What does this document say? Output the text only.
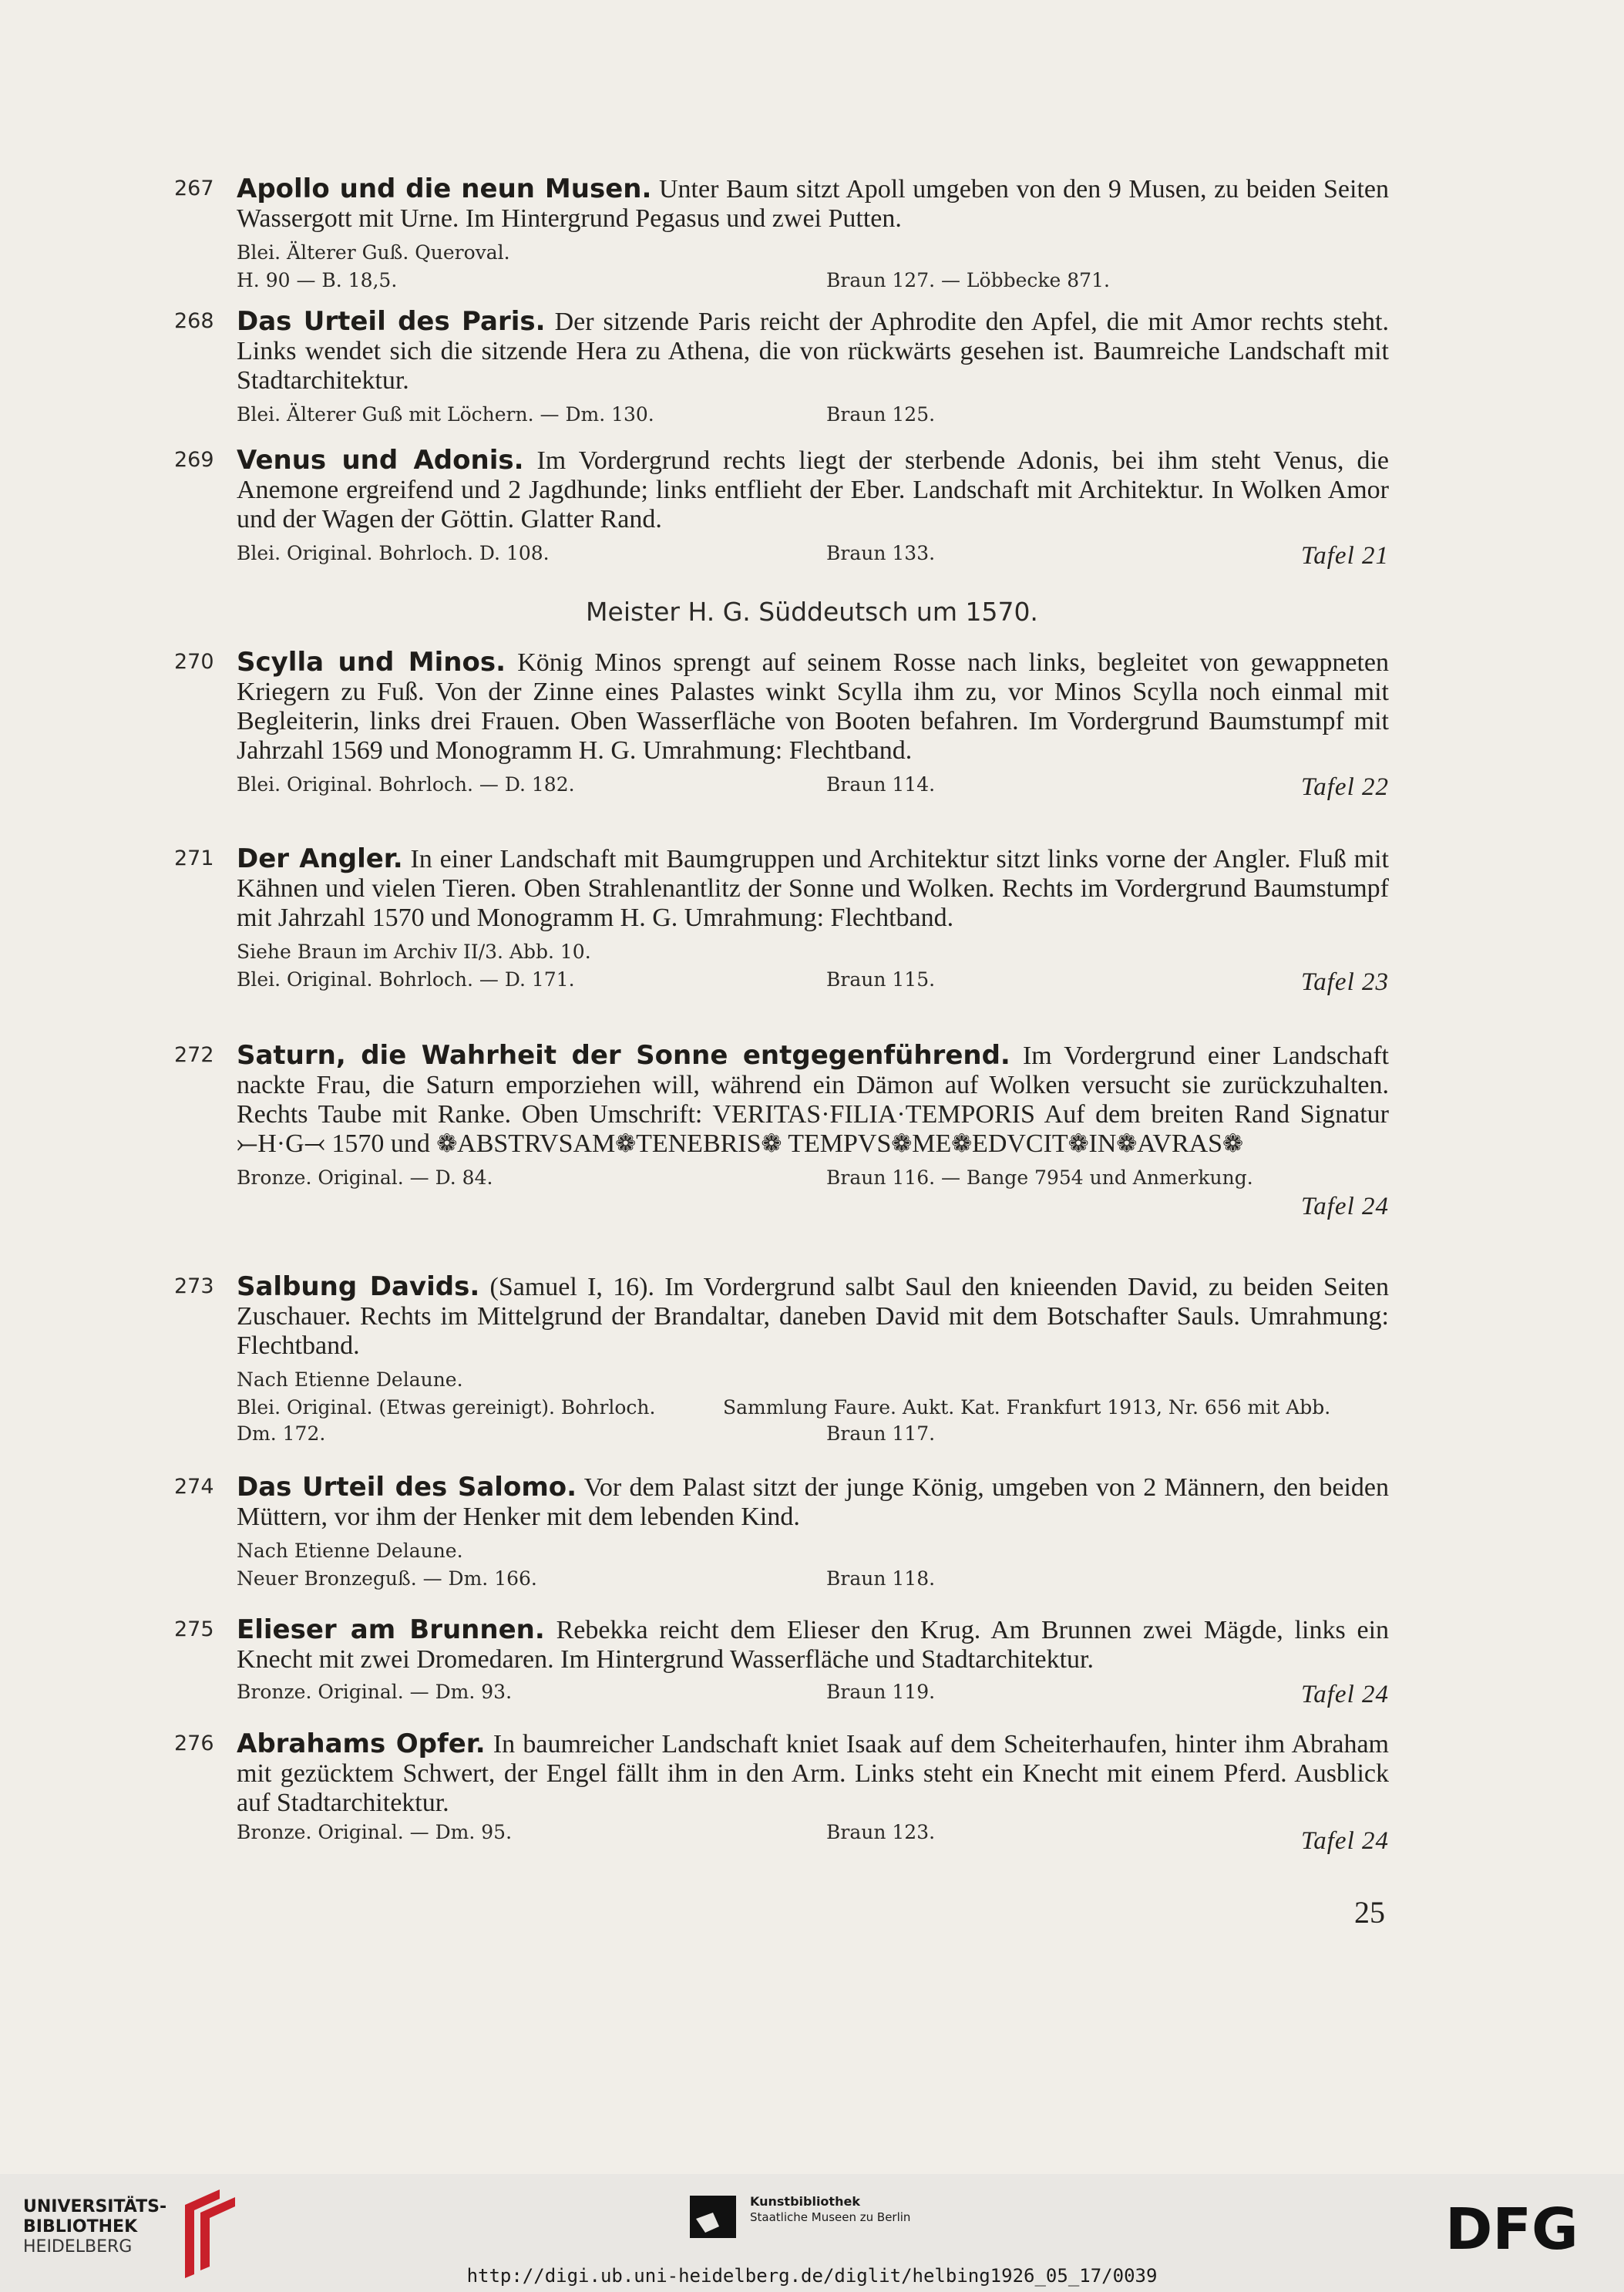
267 Apollo und die neun Musen. Unter Baum sitzt Apoll umgeben von den 9 Musen, zu beiden Seiten Wassergott mit Urne. Im Hintergrund Pegasus und zwei Putten.
Blei. Älterer Guß. Queroval.
H. 90 — B. 18,5.	Braun 127. — Löbbecke 871.
268 Das Urteil des Paris. Der sitzende Paris reicht der Aphrodite den Apfel, die mit Amor rechts steht. Links wendet sich die sitzende Hera zu Athena, die von rückwärts gesehen ist. Baumreiche Landschaft mit Stadtarchitektur.
Blei. Älterer Guß mit Löchern. — Dm. 130.	Braun 125.
269 Venus und Adonis. Im Vordergrund rechts liegt der sterbende Adonis, bei ihm steht Venus, die Anemone ergreifend und 2 Jagdhunde; links entflieht der Eber. Landschaft mit Architektur. In Wolken Amor und der Wagen der Göttin. Glatter Rand.
Blei. Original. Bohrloch. D. 108.	Braun 133.	Tafel 21
Meister H. G. Süddeutsch um 1570.
270 Scylla und Minos. König Minos sprengt auf seinem Rosse nach links, begleitet von gewappneten Kriegern zu Fuß. Von der Zinne eines Palastes winkt Scylla ihm zu, vor Minos Scylla noch einmal mit Begleiterin, links drei Frauen. Oben Wasserfläche von Booten befahren. Im Vordergrund Baumstumpf mit Jahrzahl 1569 und Monogramm H. G. Umrahmung: Flechtband.
Blei. Original. Bohrloch. — D. 182.	Braun 114.	Tafel 22
271 Der Angler. In einer Landschaft mit Baumgruppen und Architektur sitzt links vorne der Angler. Fluß mit Kähnen und vielen Tieren. Oben Strahlenantlitz der Sonne und Wolken. Rechts im Vordergrund Baumstumpf mit Jahrzahl 1570 und Monogramm H. G. Umrahmung: Flechtband.
Siehe Braun im Archiv II/3. Abb. 10.
Blei. Original. Bohrloch. — D. 171.	Braun 115.	Tafel 23
272 Saturn, die Wahrheit der Sonne entgegenführend. Im Vordergrund einer Landschaft nackte Frau, die Saturn emporziehen will, während ein Dämon auf Wolken versucht sie zurückzuhalten. Rechts Taube mit Ranke. Oben Umschrift: VERITAS·FILIA·TEMPORIS Auf dem breiten Rand Signatur ⤚H·G⤙ 1570 und ❁ABSTRVSAM❁TENEBRIS❁ TEMPVS❁ME❁EDVCIT❁IN❁AVRAS❁
Bronze. Original. — D. 84.	Braun 116. — Bange 7954 und Anmerkung.
Tafel 24
273 Salbung Davids. (Samuel I, 16). Im Vordergrund salbt Saul den knieenden David, zu beiden Seiten Zuschauer. Rechts im Mittelgrund der Brandaltar, daneben David mit dem Botschafter Sauls. Umrahmung: Flechtband.
Nach Etienne Delaune.
Blei. Original. (Etwas gereinigt). Bohrloch.	Sammlung Faure. Aukt. Kat. Frankfurt 1913, Nr. 656 mit Abb.
Dm. 172.	Braun 117.
274 Das Urteil des Salomo. Vor dem Palast sitzt der junge König, umgeben von 2 Männern, den beiden Müttern, vor ihm der Henker mit dem lebenden Kind.
Nach Etienne Delaune.
Neuer Bronzeguß. — Dm. 166.	Braun 118.
275 Elieser am Brunnen. Rebekka reicht dem Elieser den Krug. Am Brunnen zwei Mägde, links ein Knecht mit zwei Dromedaren. Im Hintergrund Wasserfläche und Stadtarchitektur.
Bronze. Original. — Dm. 93.	Braun 119.	Tafel 24
276 Abrahams Opfer. In baumreicher Landschaft kniet Isaak auf dem Scheiterhaufen, hinter ihm Abraham mit gezücktem Schwert, der Engel fällt ihm in den Arm. Links steht ein Knecht mit einem Pferd. Ausblick auf Stadtarchitektur.
Bronze. Original. — Dm. 95.	Braun 123.	Tafel 24
25
UNIVERSITÄTS-
BIBLIOTHEK
HEIDELBERG
Kunstbibliothek
Staatliche Museen zu Berlin	DFG
http://digi.ub.uni-heidelberg.de/diglit/helbing1926_05_17/0039
